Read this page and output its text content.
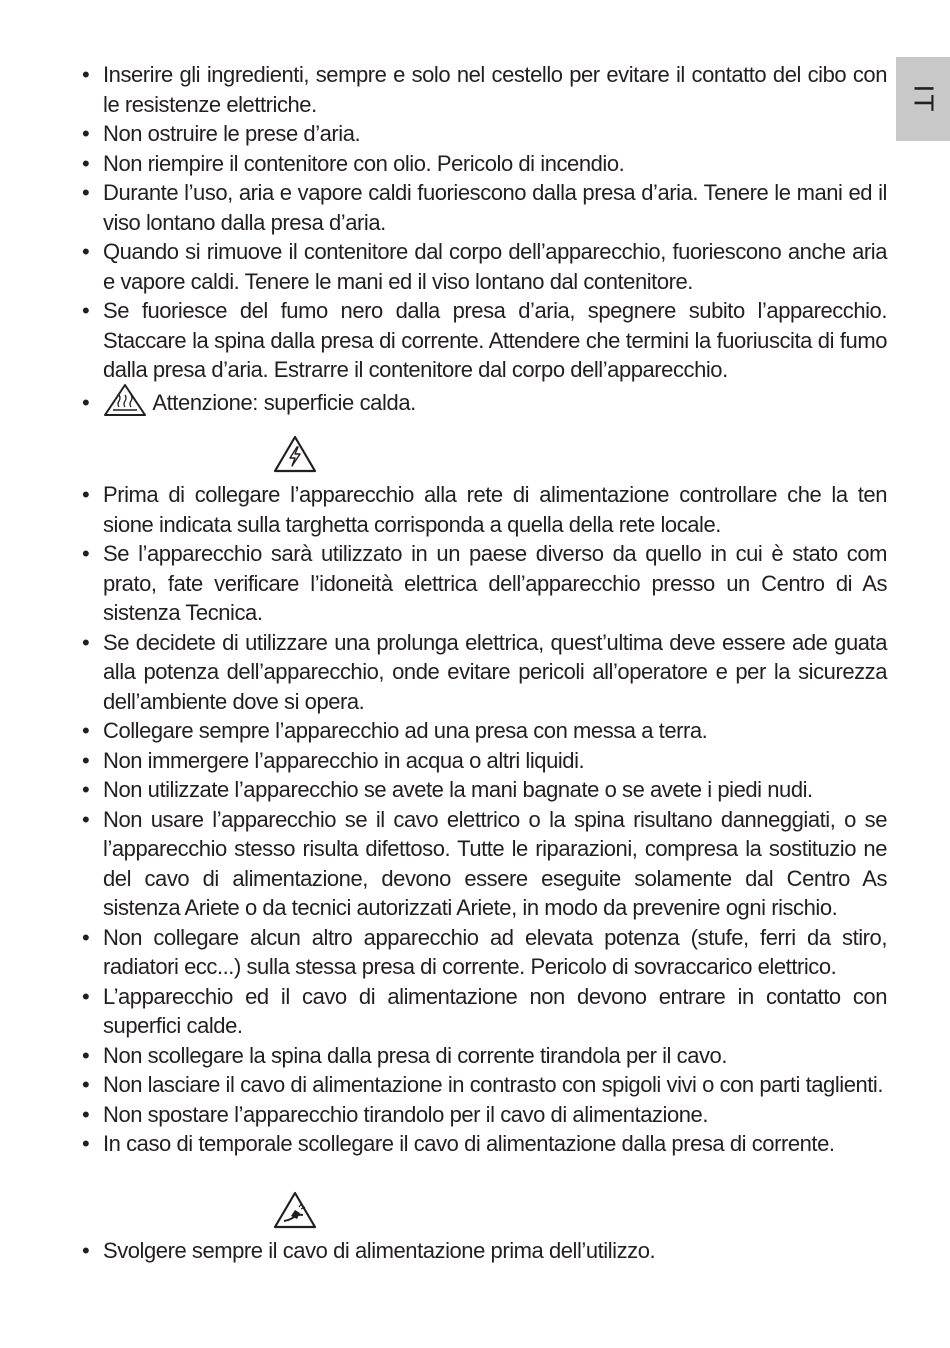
IT
• Inserire gli ingredienti, sempre e solo nel cestello per evitare il contatto del cibo con le resistenze elettriche.
• Non ostruire le prese d’aria.
• Non riempire il contenitore con olio. Pericolo di incendio.
• Durante l’uso, aria e vapore caldi fuoriescono dalla presa d’aria. Tenere le mani ed il viso lontano dalla presa d’aria.
• Quando si rimuove il contenitore dal corpo dell’apparecchio, fuoriescono anche aria e vapore caldi. Tenere le mani ed il viso lontano dal contenitore.
• Se fuoriesce del fumo nero dalla presa d’aria, spegnere subito l’apparecchio. Staccare la spina dalla presa di corrente. Attendere che termini la fuoriuscita di fumo dalla presa d’aria. Estrarre il contenitore dal corpo dell’apparecchio.
•	Attenzione: superficie calda.
• Prima di collegare l’apparecchio alla rete di alimentazione controllare che la ten sione indicata sulla targhetta corrisponda a quella della rete locale.
• Se l’apparecchio sarà utilizzato in un paese diverso da quello in cui è stato com prato, fate verificare l’idoneità elettrica dell’apparecchio presso un Centro di As sistenza Tecnica.
• Se decidete di utilizzare una prolunga elettrica, quest’ultima deve essere ade guata alla potenza dell’apparecchio, onde evitare pericoli all’operatore e per la sicurezza dell’ambiente dove si opera.
• Collegare sempre l’apparecchio ad una presa con messa a terra.
• Non immergere l’apparecchio in acqua o altri liquidi.
• Non utilizzate l’apparecchio se avete la mani bagnate o se avete i piedi nudi.
• Non usare l’apparecchio se il cavo elettrico o la spina risultano danneggiati, o se l’apparecchio stesso risulta difettoso. Tutte le riparazioni, compresa la sostituzio ne del cavo di alimentazione, devono essere eseguite solamente dal Centro As sistenza Ariete o da tecnici autorizzati Ariete, in modo da prevenire ogni rischio.
• Non collegare alcun altro apparecchio ad elevata potenza (stufe, ferri da stiro, radiatori ecc...) sulla stessa presa di corrente. Pericolo di sovraccarico elettrico.
• L’apparecchio ed il cavo di alimentazione non devono entrare in contatto con superfici calde.
• Non scollegare la spina dalla presa di corrente tirandola per il cavo.
• Non lasciare il cavo di alimentazione in contrasto con spigoli vivi o con parti taglienti.
• Non spostare l’apparecchio tirandolo per il cavo di alimentazione.
• In caso di temporale scollegare il cavo di alimentazione dalla presa di corrente.
• Svolgere sempre il cavo di alimentazione prima dell’utilizzo.
